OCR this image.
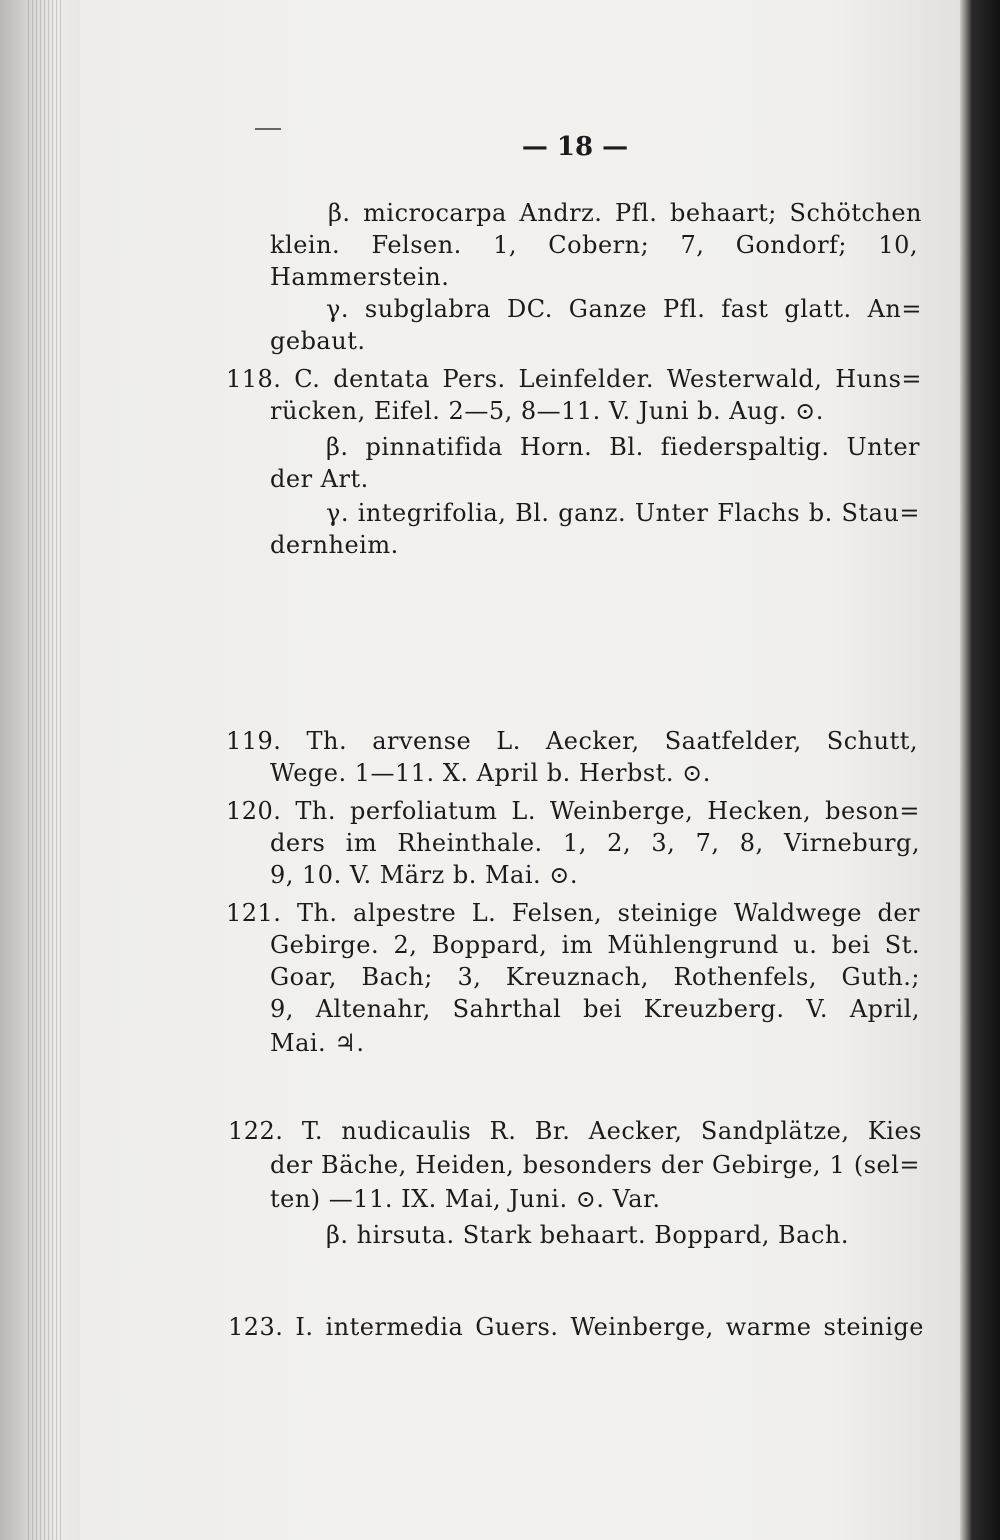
— 18 —
β. microcarpa Andrz. Pfl. behaart; Schötchen
klein. Felsen. 1, Cobern; 7, Gondorf; 10,
Hammerstein.
γ. subglabra DC. Ganze Pfl. fast glatt. An=
gebaut.
118. C. dentata Pers. Leinfelder. Westerwald, Huns=
rücken, Eifel. 2—5, 8—11. V. Juni b. Aug. ⊙.
β. pinnatifida Horn. Bl. fiederspaltig. Unter
der Art.
γ. integrifolia, Bl. ganz. Unter Flachs b. Stau=
dernheim.
119. Th. arvense L. Aecker, Saatfelder, Schutt,
Wege. 1—11. X. April b. Herbst. ⊙.
120. Th. perfoliatum L. Weinberge, Hecken, beson=
ders im Rheinthale. 1, 2, 3, 7, 8, Virneburg,
9, 10. V. März b. Mai. ⊙.
121. Th. alpestre L. Felsen, steinige Waldwege der
Gebirge. 2, Boppard, im Mühlengrund u. bei St.
Goar, Bach; 3, Kreuznach, Rothenfels, Guth.;
9, Altenahr, Sahrthal bei Kreuzberg. V. April,
Mai. ♃.
122. T. nudicaulis R. Br. Aecker, Sandplätze, Kies
der Bäche, Heiden, besonders der Gebirge, 1 (sel=
ten) —11. IX. Mai, Juni. ⊙. Var.
β. hirsuta. Stark behaart. Boppard, Bach.
123. I. intermedia Guers. Weinberge, warme steinige
